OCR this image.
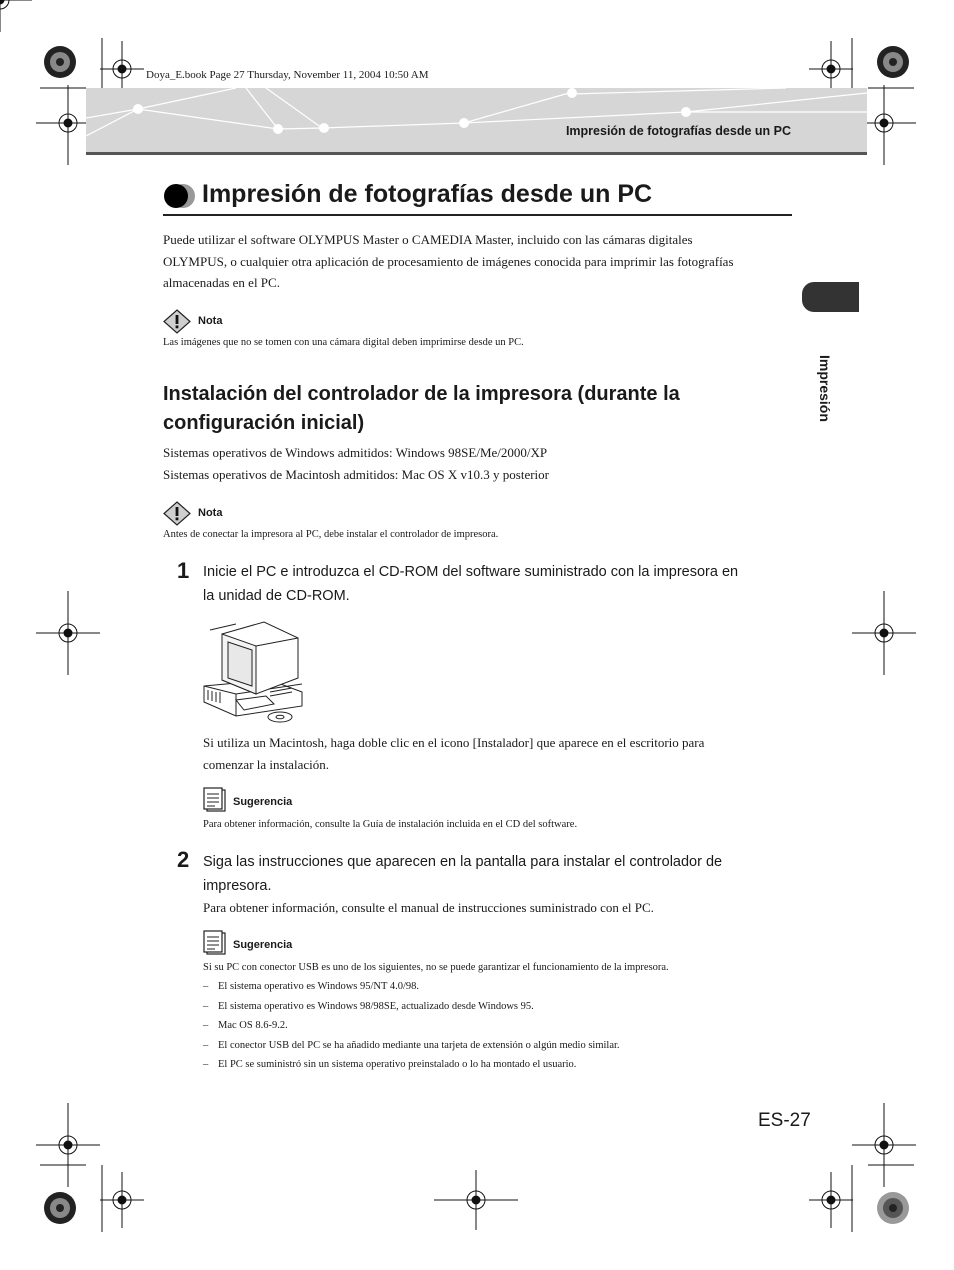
Doya_E.book Page 27 Thursday, November 11, 2004 10:50 AM
Impresión de fotografías desde un PC
Impresión de fotografías desde un PC
Puede utilizar el software OLYMPUS Master o CAMEDIA Master, incluido con las cámaras digitales
OLYMPUS, o cualquier otra aplicación de procesamiento de imágenes conocida para imprimir las fotografías
almacenadas en el PC.
Impresión
Nota
Las imágenes que no se tomen con una cámara digital deben imprimirse desde un PC.
Instalación del controlador de la impresora (durante la
configuración inicial)
Sistemas operativos de Windows admitidos: Windows 98SE/Me/2000/XP
Sistemas operativos de Macintosh admitidos: Mac OS X v10.3 y posterior
Nota
Antes de conectar la impresora al PC, debe instalar el controlador de impresora.
1 Inicie el PC e introduzca el CD-ROM del software suministrado con la impresora en
la unidad de CD-ROM.
Si utiliza un Macintosh, haga doble clic en el icono [Instalador] que aparece en el escritorio para
comenzar la instalación.
Sugerencia
Para obtener información, consulte la Guía de instalación incluida en el CD del software.
2 Siga las instrucciones que aparecen en la pantalla para instalar el controlador de
impresora.
Para obtener información, consulte el manual de instrucciones suministrado con el PC.
Sugerencia
Si su PC con conector USB es uno de los siguientes, no se puede garantizar el funcionamiento de la impresora.
– El sistema operativo es Windows 95/NT 4.0/98.
– El sistema operativo es Windows 98/98SE, actualizado desde Windows 95.
– Mac OS 8.6-9.2.
– El conector USB del PC se ha añadido mediante una tarjeta de extensión o algún medio similar.
– El PC se suministró sin un sistema operativo preinstalado o lo ha montado el usuario.
ES-27
